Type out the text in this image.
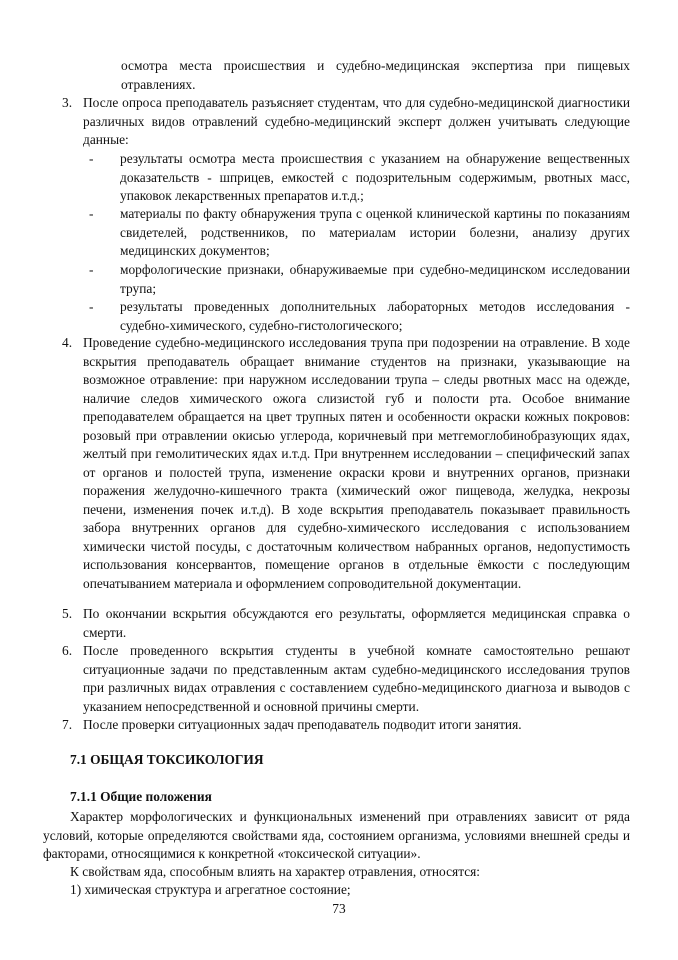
осмотра места происшествия и судебно-медицинская экспертиза при пищевых отравлениях.
3. После опроса преподаватель разъясняет студентам, что для судебно-медицинской диагностики различных видов отравлений судебно-медицинский эксперт должен учитывать следующие данные:
4. Проведение судебно-медицинского исследования трупа при подозрении на отравление. В ходе вскрытия преподаватель обращает внимание студентов на признаки, указывающие на возможное отравление: при наружном исследовании трупа – следы рвотных масс на одежде, наличие следов химического ожога слизистой губ и полости рта. Особое внимание преподавателем обращается на цвет трупных пятен и особенности окраски кожных покровов: розовый при отравлении окисью углерода, коричневый при метгемоглобинобразующих ядах, желтый при гемолитических ядах и.т.д. При внутреннем исследовании – специфический запах от органов и полостей трупа, изменение окраски крови и внутренних органов, признаки поражения желудочно-кишечного тракта (химический ожог пищевода, желудка, некрозы печени, изменения почек и.т.д). В ходе вскрытия преподаватель показывает правильность забора внутренних органов для судебно-химического исследования с использованием химически чистой посуды, с достаточным количеством набранных органов, недопустимость использования консервантов, помещение органов в отдельные ёмкости с последующим опечатыванием материала и оформлением сопроводительной документации.
5. По окончании вскрытия обсуждаются его результаты, оформляется медицинская справка о смерти.
6. После проведенного вскрытия студенты в учебной комнате самостоятельно решают ситуационные задачи по представленным актам судебно-медицинского исследования трупов при различных видах отравления с составлением судебно-медицинского диагноза и выводов с указанием непосредственной и основной причины смерти.
7. После проверки ситуационных задач преподаватель подводит итоги занятия.
- результаты осмотра места происшествия с указанием на обнаружение вещественных доказательств - шприцев, емкостей с подозрительным содержимым, рвотных масс, упаковок лекарственных препаратов и.т.д.;
- материалы по факту обнаружения трупа с оценкой клинической картины по показаниям свидетелей, родственников, по материалам истории болезни, анализу других медицинских документов;
- морфологические признаки, обнаруживаемые при судебно-медицинском исследовании трупа;
- результаты проведенных дополнительных лабораторных методов исследования - судебно-химического, судебно-гистологического;
7.1 ОБЩАЯ ТОКСИКОЛОГИЯ
7.1.1 Общие положения
Характер морфологических и функциональных изменений при отравлениях зависит от ряда условий, которые определяются свойствами яда, состоянием организма, условиями внешней среды и факторами, относящимися к конкретной «токсической ситуации».
К свойствам яда, способным влиять на характер отравления, относятся:
1) химическая структура и агрегатное состояние;
73
